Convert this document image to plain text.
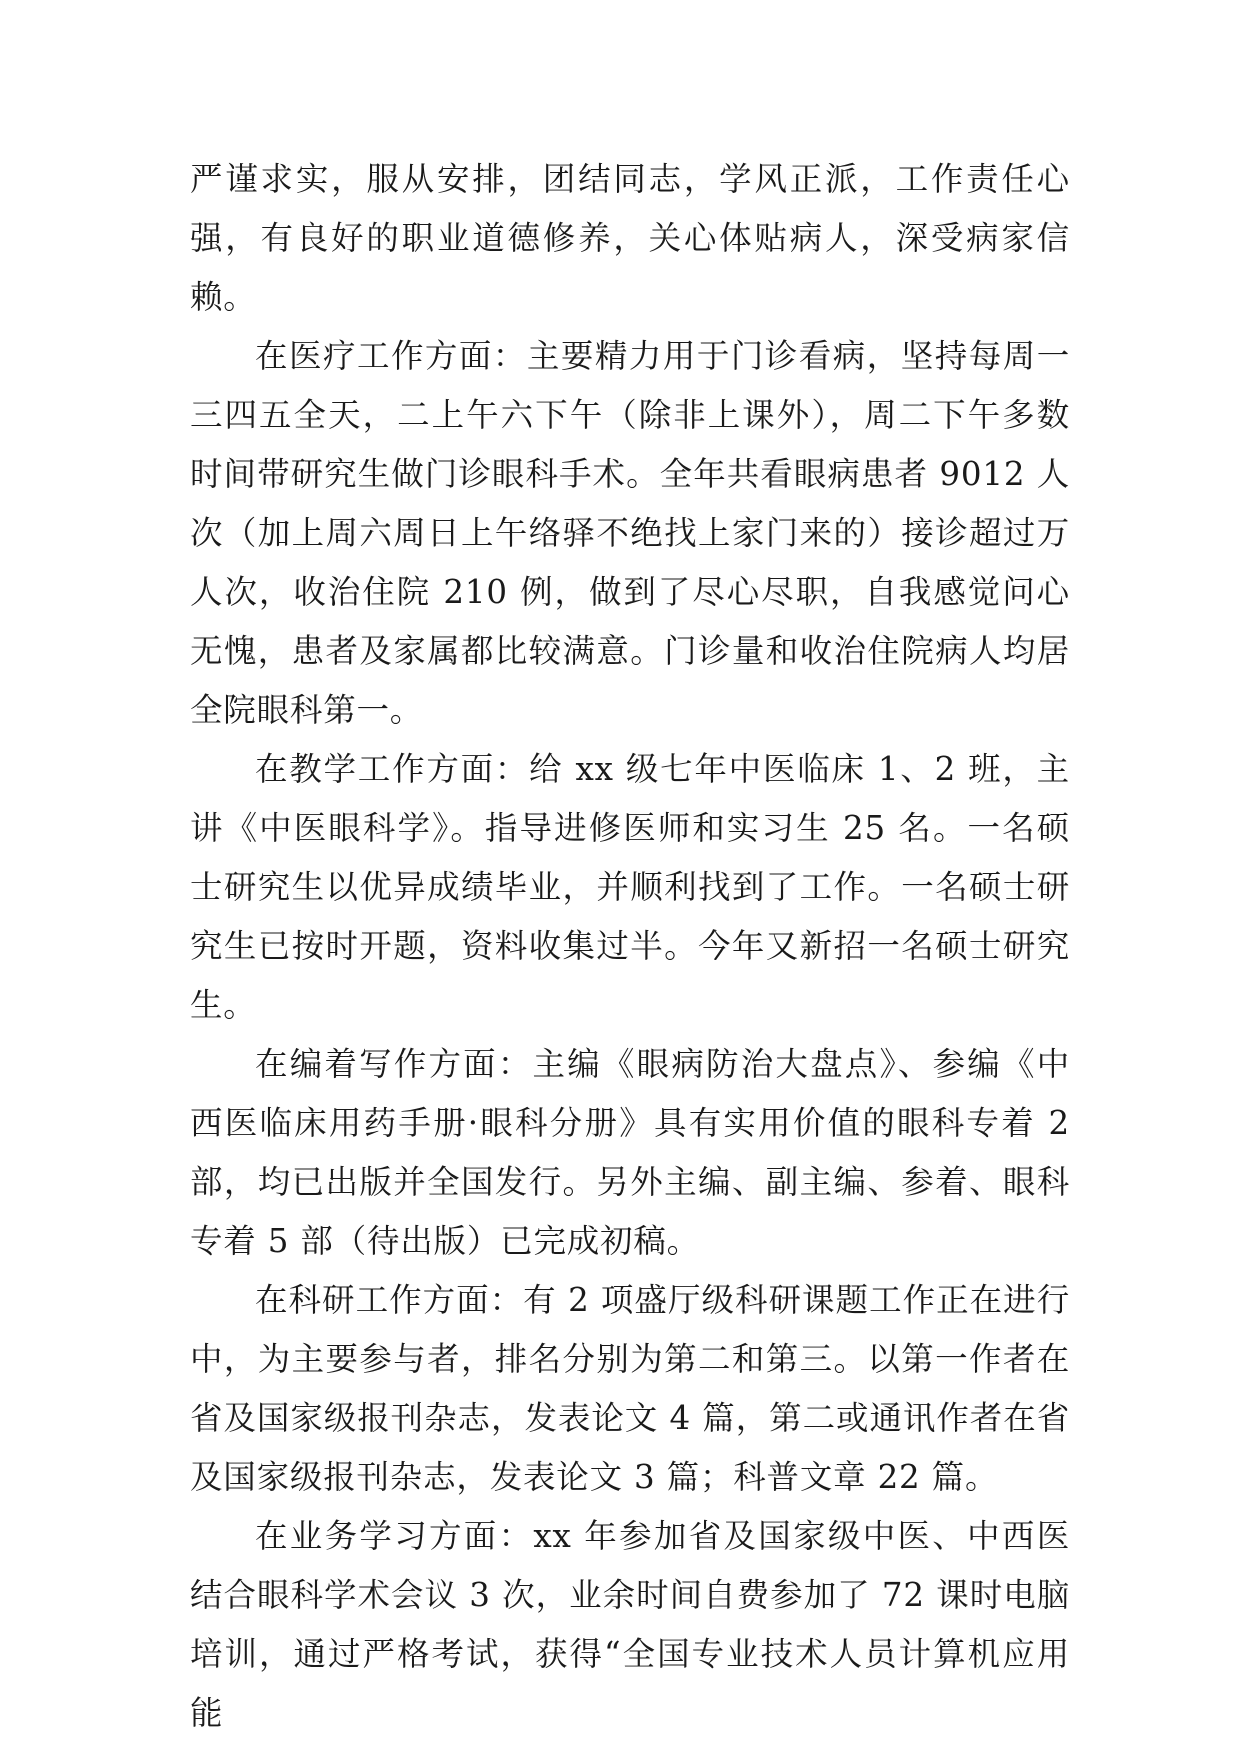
严谨求实，服从安排，团结同志，学风正派，工作责任心强，有良好的职业道德修养，关心体贴病人，深受病家信赖。

在医疗工作方面：主要精力用于门诊看病，坚持每周一三四五全天，二上午六下午（除非上课外），周二下午多数时间带研究生做门诊眼科手术。全年共看眼病患者 9012 人次（加上周六周日上午络驿不绝找上家门来的）接诊超过万人次，收治住院 210 例，做到了尽心尽职，自我感觉问心无愧，患者及家属都比较满意。门诊量和收治住院病人均居全院眼科第一。

在教学工作方面：给 xx 级七年中医临床 1、2 班，主讲《中医眼科学》。指导进修医师和实习生 25 名。一名硕士研究生以优异成绩毕业，并顺利找到了工作。一名硕士研究生已按时开题，资料收集过半。今年又新招一名硕士研究生。

在编着写作方面：主编《眼病防治大盘点》、参编《中西医临床用药手册·眼科分册》具有实用价值的眼科专着 2 部，均已出版并全国发行。另外主编、副主编、参着、眼科专着 5 部（待出版）已完成初稿。

在科研工作方面：有 2 项盛厅级科研课题工作正在进行中，为主要参与者，排名分别为第二和第三。以第一作者在省及国家级报刊杂志，发表论文 4 篇，第二或通讯作者在省及国家级报刊杂志，发表论文 3 篇；科普文章 22 篇。

在业务学习方面：xx 年参加省及国家级中医、中西医结合眼科学术会议 3 次，业余时间自费参加了 72 课时电脑培训，通过严格考试，获得“全国专业技术人员计算机应用能
